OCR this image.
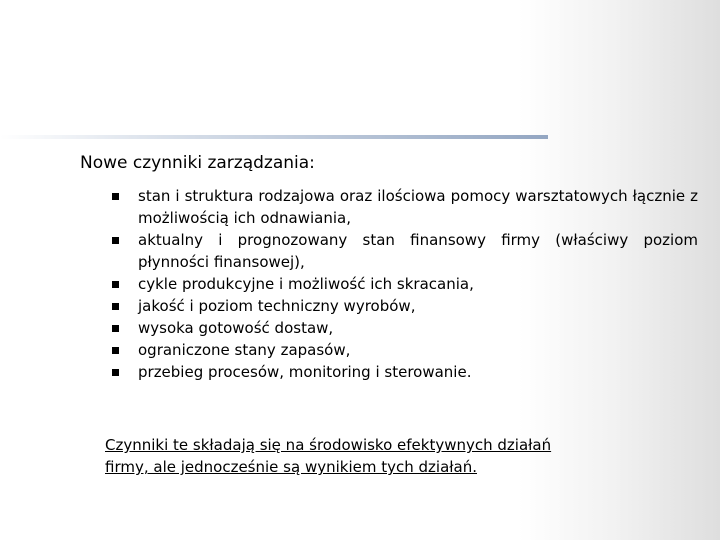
Nowe czynniki zarządzania:
stan i struktura rodzajowa oraz ilościowa pomocy warsztatowych łącznie z możliwością ich odnawiania,
aktualny i prognozowany stan finansowy firmy (właściwy poziom płynności finansowej),
cykle produkcyjne i możliwość ich skracania,
jakość i poziom techniczny wyrobów,
wysoka gotowość dostaw,
ograniczone stany zapasów,
przebieg procesów, monitoring i sterowanie.

Czynniki te składają się na środowisko efektywnych działań
firmy, ale jednocześnie są wynikiem tych działań.
